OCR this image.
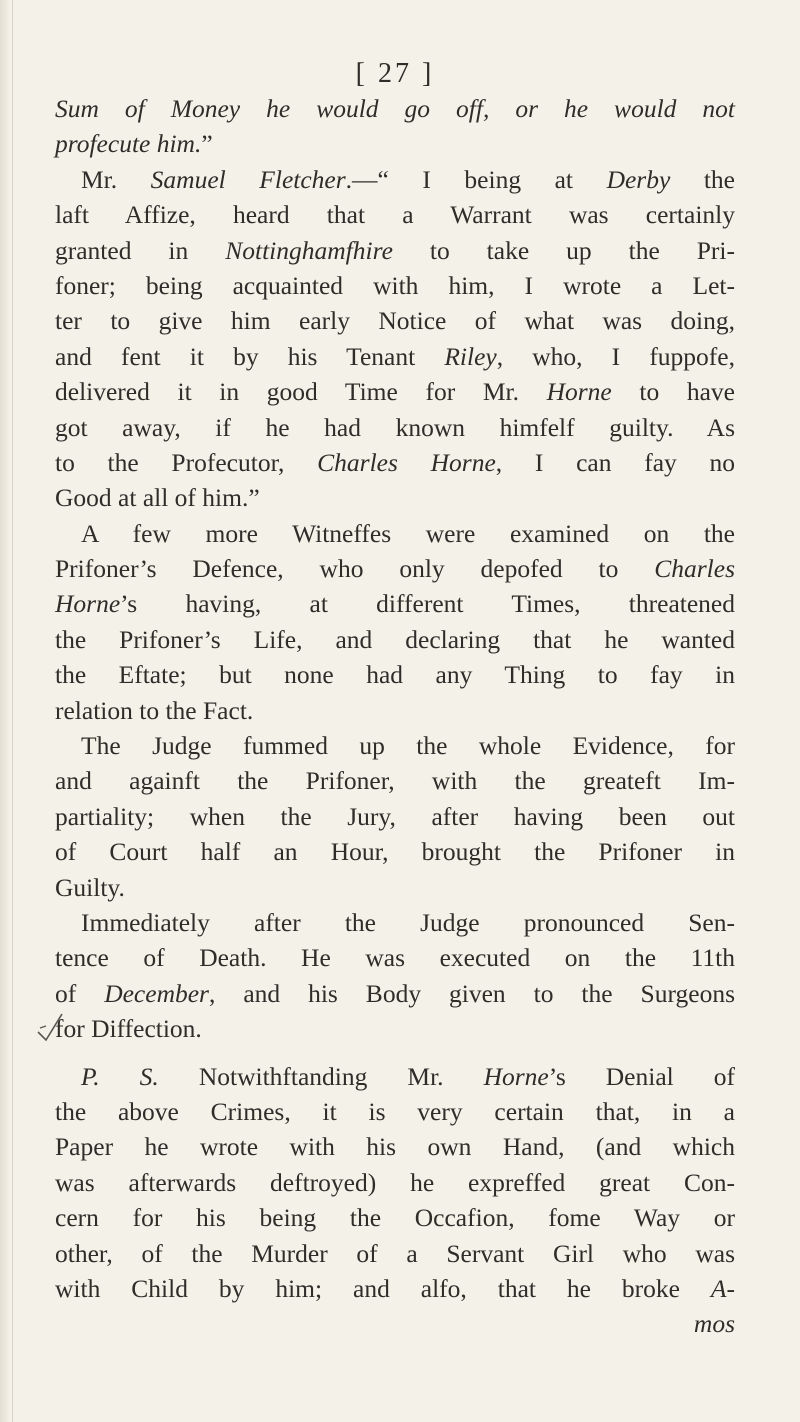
[ 27 ]
Sum of Money he would go off, or he would not
profecute him.”
Mr. Samuel Fletcher.—“ I being at Derby the
laft Affize, heard that a Warrant was certainly
granted in Nottinghamfhire to take up the Pri-
foner; being acquainted with him, I wrote a Let-
ter to give him early Notice of what was doing,
and fent it by his Tenant Riley, who, I fuppofe,
delivered it in good Time for Mr. Horne to have
got away, if he had known himfelf guilty. As
to the Profecutor, Charles Horne, I can fay no
Good at all of him.”
A few more Witneffes were examined on the
Prifoner’s Defence, who only depofed to Charles
Horne’s having, at different Times, threatened
the Prifoner’s Life, and declaring that he wanted
the Eftate; but none had any Thing to fay in
relation to the Fact.
The Judge fummed up the whole Evidence, for
and againft the Prifoner, with the greateft Im-
partiality; when the Jury, after having been out
of Court half an Hour, brought the Prifoner in
Guilty.
Immediately after the Judge pronounced Sen-
tence of Death. He was executed on the 11th
of December, and his Body given to the Surgeons
for Diffection.
P. S. Notwithftanding Mr. Horne’s Denial of
the above Crimes, it is very certain that, in a
Paper he wrote with his own Hand, (and which
was afterwards deftroyed) he expreffed great Con-
cern for his being the Occafion, fome Way or
other, of the Murder of a Servant Girl who was
with Child by him; and alfo, that he broke A-
mos
